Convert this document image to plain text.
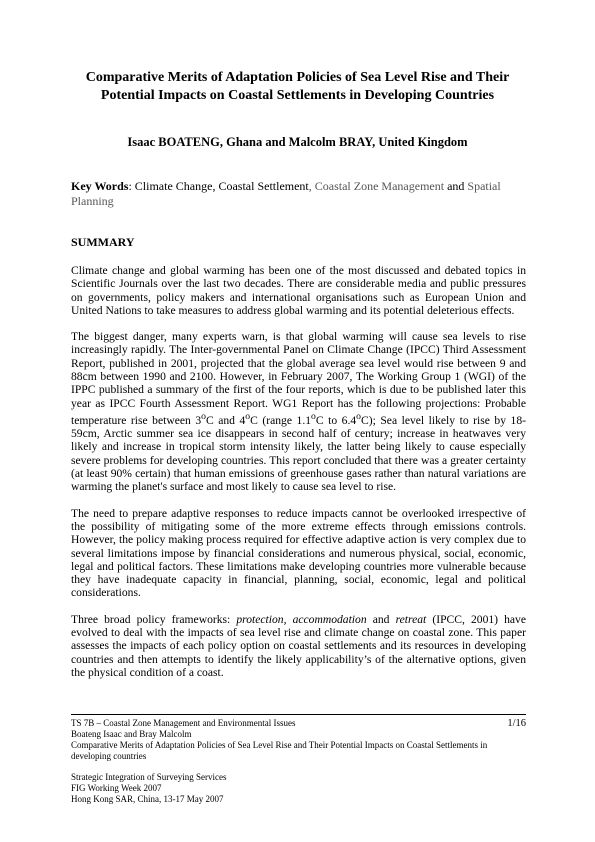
Comparative Merits of Adaptation Policies of Sea Level Rise and Their Potential Impacts on Coastal Settlements in Developing Countries

Isaac BOATENG, Ghana and Malcolm BRAY, United Kingdom

Key Words: Climate Change, Coastal Settlement, Coastal Zone Management and Spatial Planning

SUMMARY

Climate change and global warming has been one of the most discussed and debated topics in Scientific Journals over the last two decades. There are considerable media and public pressures on governments, policy makers and international organisations such as European Union and United Nations to take measures to address global warming and its potential deleterious effects.

The biggest danger, many experts warn, is that global warming will cause sea levels to rise increasingly rapidly. The Inter-governmental Panel on Climate Change (IPCC) Third Assessment Report, published in 2001, projected that the global average sea level would rise between 9 and 88cm between 1990 and 2100. However, in February 2007, The Working Group 1 (WGI) of the IPPC published a summary of the first of the four reports, which is due to be published later this year as IPCC Fourth Assessment Report. WG1 Report has the following projections: Probable temperature rise between 3$^o$C and 4$^o$C (range 1.1$^o$C to 6.4$^o$C); Sea level likely to rise by 18-59cm, Arctic summer sea ice disappears in second half of century; increase in heatwaves very likely and increase in tropical storm intensity likely, the latter being likely to cause especially severe problems for developing countries. This report concluded that there was a greater certainty (at least 90% certain) that human emissions of greenhouse gases rather than natural variations are warming the planet's surface and most likely to cause sea level to rise.

The need to prepare adaptive responses to reduce impacts cannot be overlooked irrespective of the possibility of mitigating some of the more extreme effects through emissions controls. However, the policy making process required for effective adaptive action is very complex due to several limitations impose by financial considerations and numerous physical, social, economic, legal and political factors. These limitations make developing countries more vulnerable because they have inadequate capacity in financial, planning, social, economic, legal and political considerations.

Three broad policy frameworks: protection, accommodation and retreat (IPCC, 2001) have evolved to deal with the impacts of sea level rise and climate change on coastal zone. This paper assesses the impacts of each policy option on coastal settlements and its resources in developing countries and then attempts to identify the likely applicability’s of the alternative options, given the physical condition of a coast.

TS 7B – Coastal Zone Management and Environmental Issues	1/16
Boateng Isaac and Bray Malcolm
Comparative Merits of Adaptation Policies of Sea Level Rise and Their Potential Impacts on Coastal Settlements in developing countries
Strategic Integration of Surveying Services
FIG Working Week 2007
Hong Kong SAR, China, 13-17 May 2007
